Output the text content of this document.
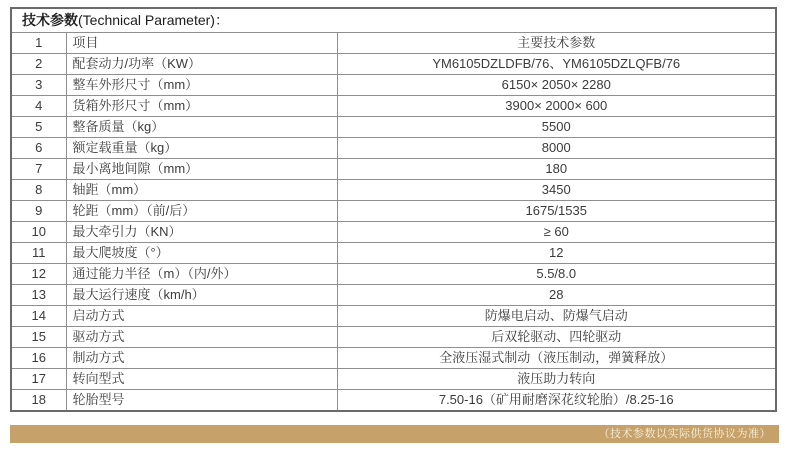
技术参数(Technical Parameter)：
1	项目	主要技术参数
2	配套动力/功率（KW）	YM6105DZLDFB/76、YM6105DZLQFB/76
3	整车外形尺寸（mm）	6150× 2050× 2280
4	货箱外形尺寸（mm）	3900× 2000× 600
5	整备质量（kg）	5500
6	额定载重量（kg）	8000
7	最小离地间隙（mm）	180
8	轴距（mm）	3450
9	轮距（mm）（前/后）	1675/1535
10	最大牵引力（KN）	≥ 60
11	最大爬坡度（°）	12
12	通过能力半径（m）（内/外）	5.5/8.0
13	最大运行速度（km/h）	28
14	启动方式	防爆电启动、防爆气启动
15	驱动方式	后双轮驱动、四轮驱动
16	制动方式	全液压湿式制动（液压制动，弹簧释放）
17	转向型式	液压助力转向
18	轮胎型号	7.50-16（矿用耐磨深花纹轮胎）/8.25-16
（技术参数以实际供货协议为准）
